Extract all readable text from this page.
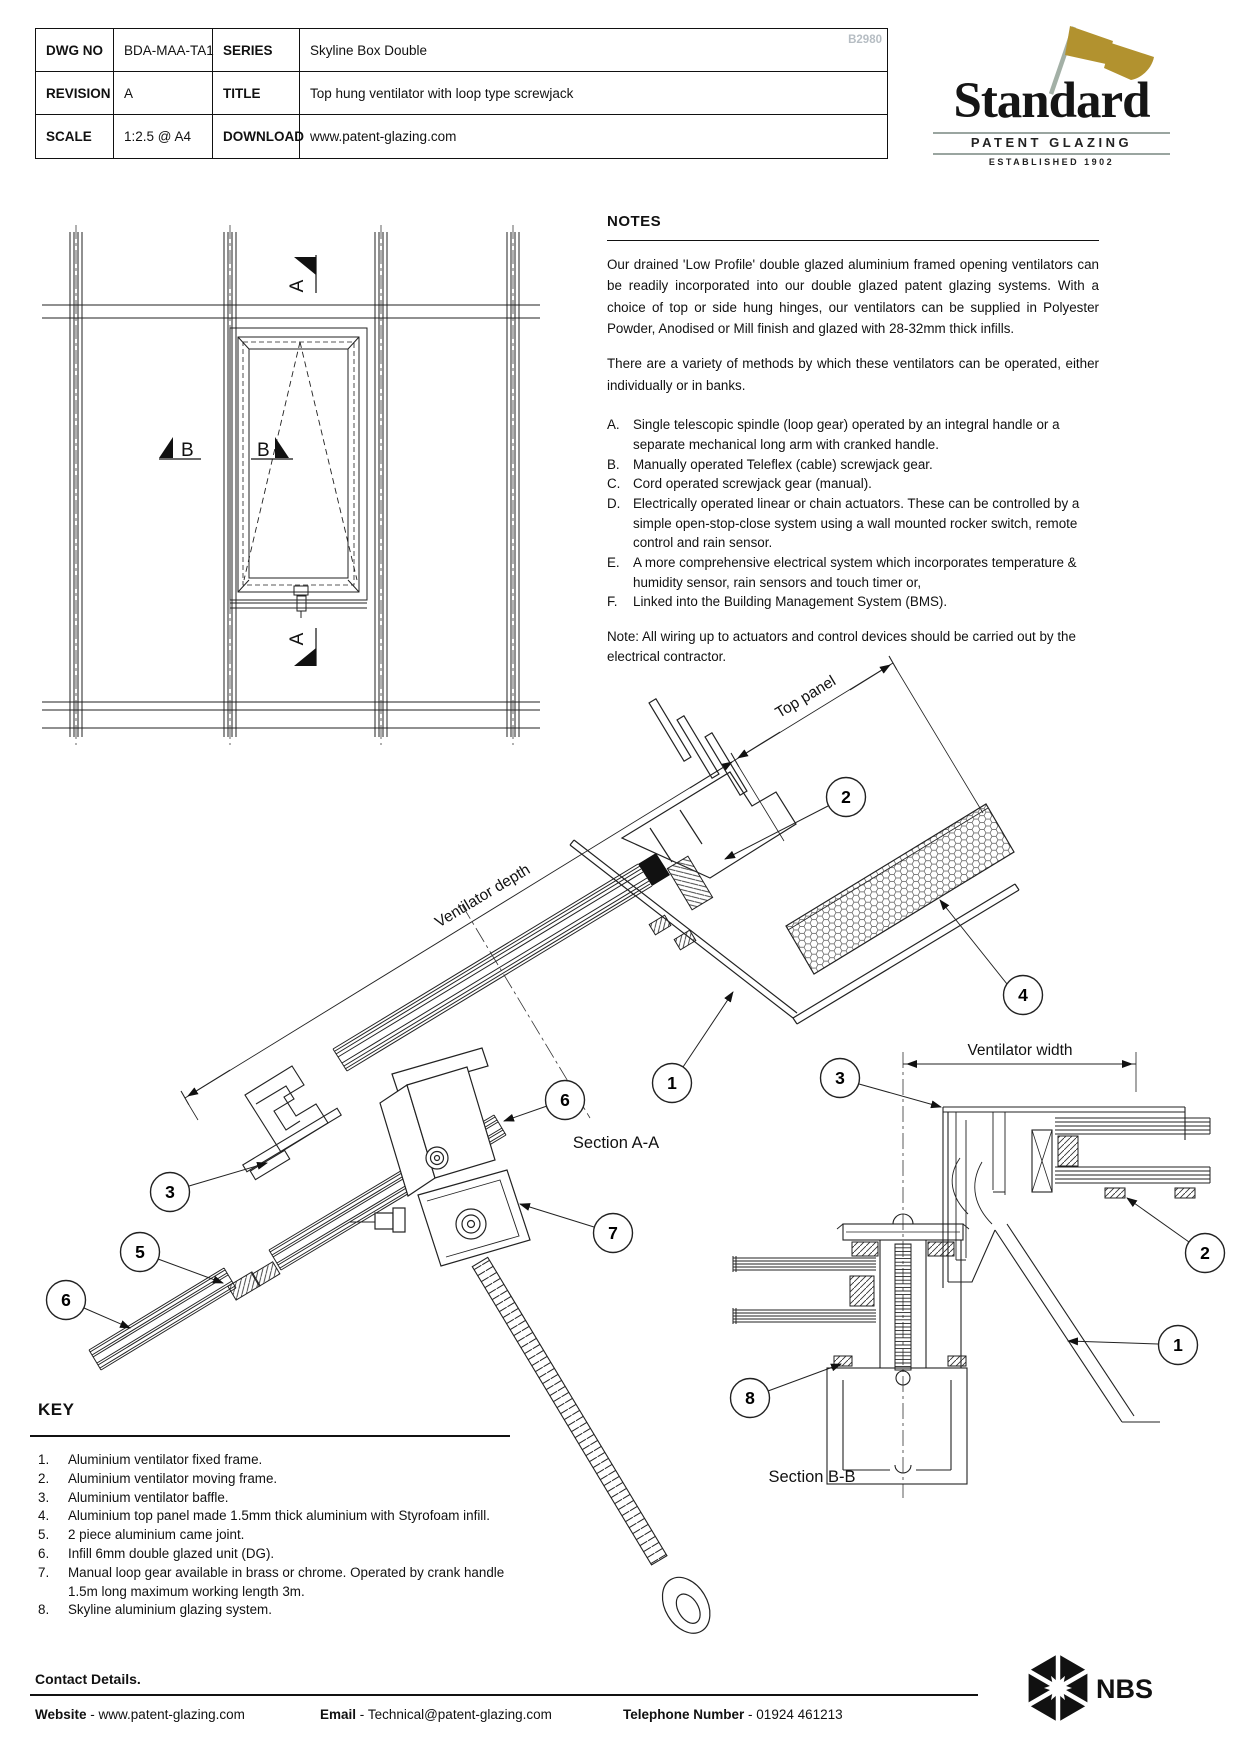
DWG NO	BDA-MAA-TA1 SERIES	Skyline Box Double
B2980
REVISION A	TITLE	Top hung ventilator with loop type screwjack
SCALE	1:2.5 @ A4	DOWNLOAD www.patent-glazing.com
Standard
PATENT GLAZING
ESTABLISHED 1902
NOTES

Our drained 'Low Profile' double glazed aluminium framed opening ventilators can be readily incorporated into our double glazed patent glazing systems. With a choice of top or side hung hinges, our ventilators can be supplied in Polyester Powder, Anodised or Mill finish and glazed with 28-32mm thick infills.

There are a variety of methods by which these ventilators can be operated, either individually or in banks.

A. Single telescopic spindle (loop gear) operated by an integral handle or a separate mechanical long arm with cranked handle.
B. Manually operated Teleflex (cable) screwjack gear.
C. Cord operated screwjack gear (manual).
D. Electrically operated linear or chain actuators. These can be controlled by a simple open-stop-close system using a wall mounted rocker switch, remote control and rain sensor.
E. A more comprehensive electrical system which incorporates temperature & humidity sensor, rain sensors and touch timer or,
F.	Linked into the Building Management System (BMS).
Note: All wiring up to actuators and control devices should be carried out by the electrical contractor.
A
A
B	B
Ventilator depth
Top panel
2
4
1
6
3
5
6
7
Section A-A
Ventilator width
3
2
1
8
Section B-B
KEY
1.	Aluminium ventilator fixed frame.
2.	Aluminium ventilator moving frame.
3.	Aluminium ventilator baffle.
4.	Aluminium top panel made 1.5mm thick aluminium with Styrofoam infill.
5.	2 piece aluminium came joint.
6.	Infill 6mm double glazed unit (DG).
7.	Manual loop gear available in brass or chrome. Operated by crank handle 1.5m long maximum working length 3m.
8.	Skyline aluminium glazing system.
Contact Details.
Website - www.patent-glazing.com	Email - Technical@patent-glazing.com	Telephone Number - 01924 461213
NBS
